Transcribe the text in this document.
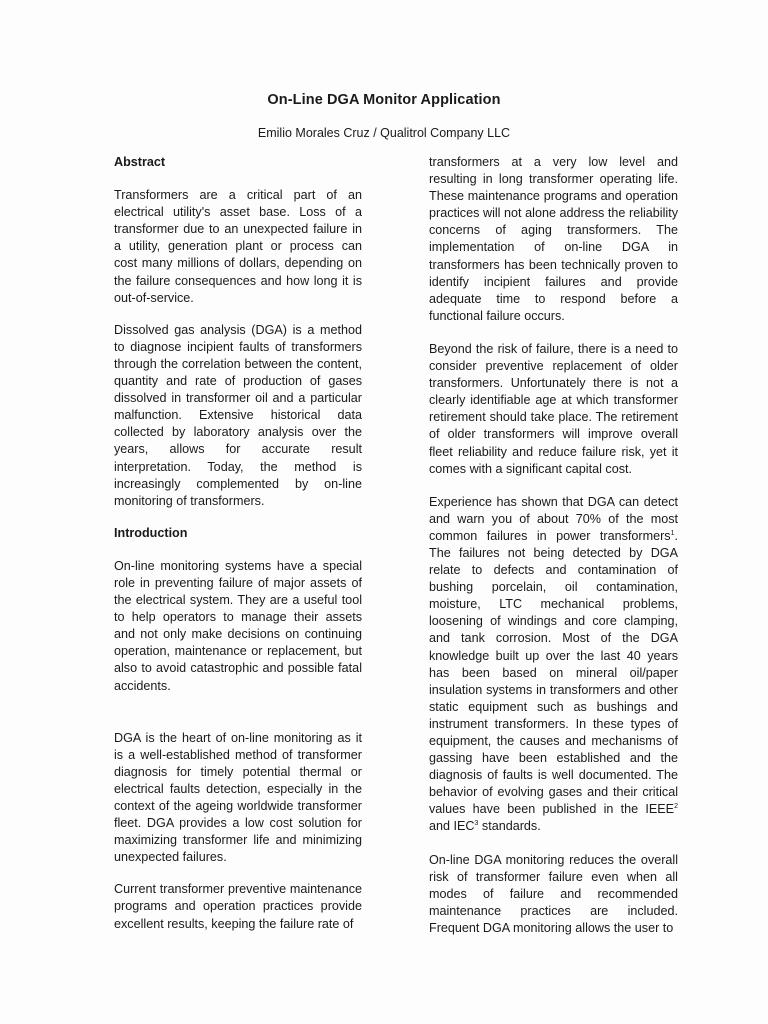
On-Line DGA Monitor Application
Emilio Morales Cruz / Qualitrol Company LLC
Abstract

Transformers are a critical part of an electrical utility's asset base. Loss of a transformer due to an unexpected failure in a utility, generation plant or process can cost many millions of dollars, depending on the failure consequences and how long it is out-of-service.

Dissolved gas analysis (DGA) is a method to diagnose incipient faults of transformers through the correlation between the content, quantity and rate of production of gases dissolved in transformer oil and a particular malfunction. Extensive historical data collected by laboratory analysis over the years, allows for accurate result interpretation. Today, the method is increasingly complemented by on-line monitoring of transformers.

Introduction

On-line monitoring systems have a special role in preventing failure of major assets of the electrical system. They are a useful tool to help operators to manage their assets and not only make decisions on continuing operation, maintenance or replacement, but also to avoid catastrophic and possible fatal accidents.

DGA is the heart of on-line monitoring as it is a well-established method of transformer diagnosis for timely potential thermal or electrical faults detection, especially in the context of the ageing worldwide transformer fleet. DGA provides a low cost solution for maximizing transformer life and minimizing unexpected failures.

Current transformer preventive maintenance programs and operation practices provide excellent results, keeping the failure rate of

transformers at a very low level and resulting in long transformer operating life. These maintenance programs and operation practices will not alone address the reliability concerns of aging transformers. The implementation of on-line DGA in transformers has been technically proven to identify incipient failures and provide adequate time to respond before a functional failure occurs.

Beyond the risk of failure, there is a need to consider preventive replacement of older transformers. Unfortunately there is not a clearly identifiable age at which transformer retirement should take place. The retirement of older transformers will improve overall fleet reliability and reduce failure risk, yet it comes with a significant capital cost.

Experience has shown that DGA can detect and warn you of about 70% of the most common failures in power transformers$^1$. The failures not being detected by DGA relate to defects and contamination of bushing porcelain, oil contamination, moisture, LTC mechanical problems, loosening of windings and core clamping, and tank corrosion. Most of the DGA knowledge built up over the last 40 years has been based on mineral oil/paper insulation systems in transformers and other static equipment such as bushings and instrument transformers. In these types of equipment, the causes and mechanisms of gassing have been established and the diagnosis of faults is well documented. The behavior of evolving gases and their critical values have been published in the IEEE$^2$ and IEC$^3$ standards.

On-line DGA monitoring reduces the overall risk of transformer failure even when all modes of failure and recommended maintenance practices are included. Frequent DGA monitoring allows the user to
